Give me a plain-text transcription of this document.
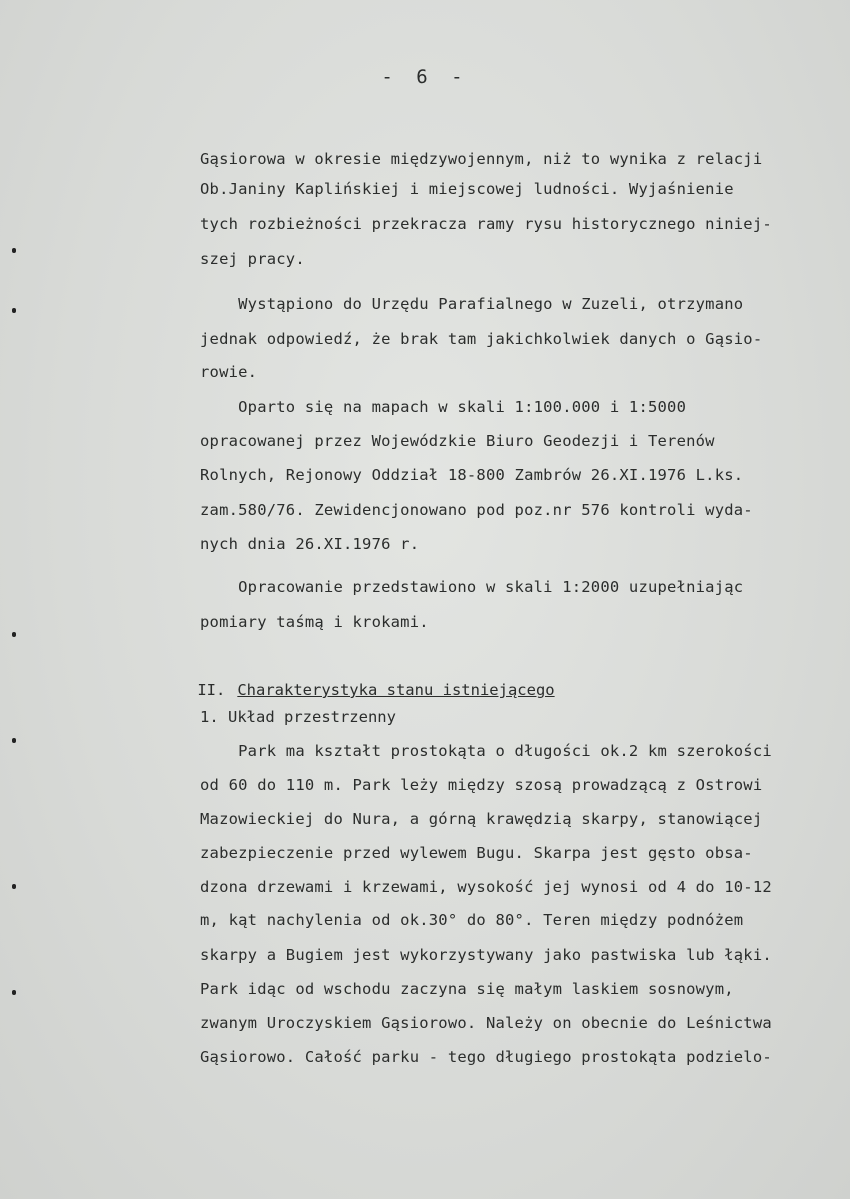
- 6 -
Gąsiorowa w okresie międzywojennym, niż to wynika z relacji
Ob.Janiny Kaplińskiej i miejscowej ludności. Wyjaśnienie
tych rozbieżności przekracza ramy rysu historycznego niniej-
szej pracy.
Wystąpiono do Urzędu Parafialnego w Zuzeli, otrzymano
jednak odpowiedź, że brak tam jakichkolwiek danych o Gąsio-
rowie.
Oparto się na mapach w skali 1:100.000 i 1:5000
opracowanej przez Wojewódzkie Biuro Geodezji i Terenów
Rolnych, Rejonowy Oddział 18-800 Zambrów 26.XI.1976 L.ks.
zam.580/76. Zewidencjonowano pod poz.nr 576 kontroli wyda-
nych dnia 26.XI.1976 r.
Opracowanie przedstawiono w skali 1:2000 uzupełniając
pomiary taśmą i krokami.

II. Charakterystyka stanu istniejącego

1. Układ przestrzenny
Park ma kształt prostokąta o długości ok.2 km szerokości
od 60 do 110 m. Park leży między szosą prowadzącą z Ostrowi
Mazowieckiej do Nura, a górną krawędzią skarpy, stanowiącej
zabezpieczenie przed wylewem Bugu. Skarpa jest gęsto obsa-
dzona drzewami i krzewami, wysokość jej wynosi od 4 do 10-12
m, kąt nachylenia od ok.30° do 80°. Teren między podnóżem
skarpy a Bugiem jest wykorzystywany jako pastwiska lub łąki.
Park idąc od wschodu zaczyna się małym laskiem sosnowym,
zwanym Uroczyskiem Gąsiorowo. Należy on obecnie do Leśnictwa
Gąsiorowo. Całość parku - tego długiego prostokąta podzielo-
